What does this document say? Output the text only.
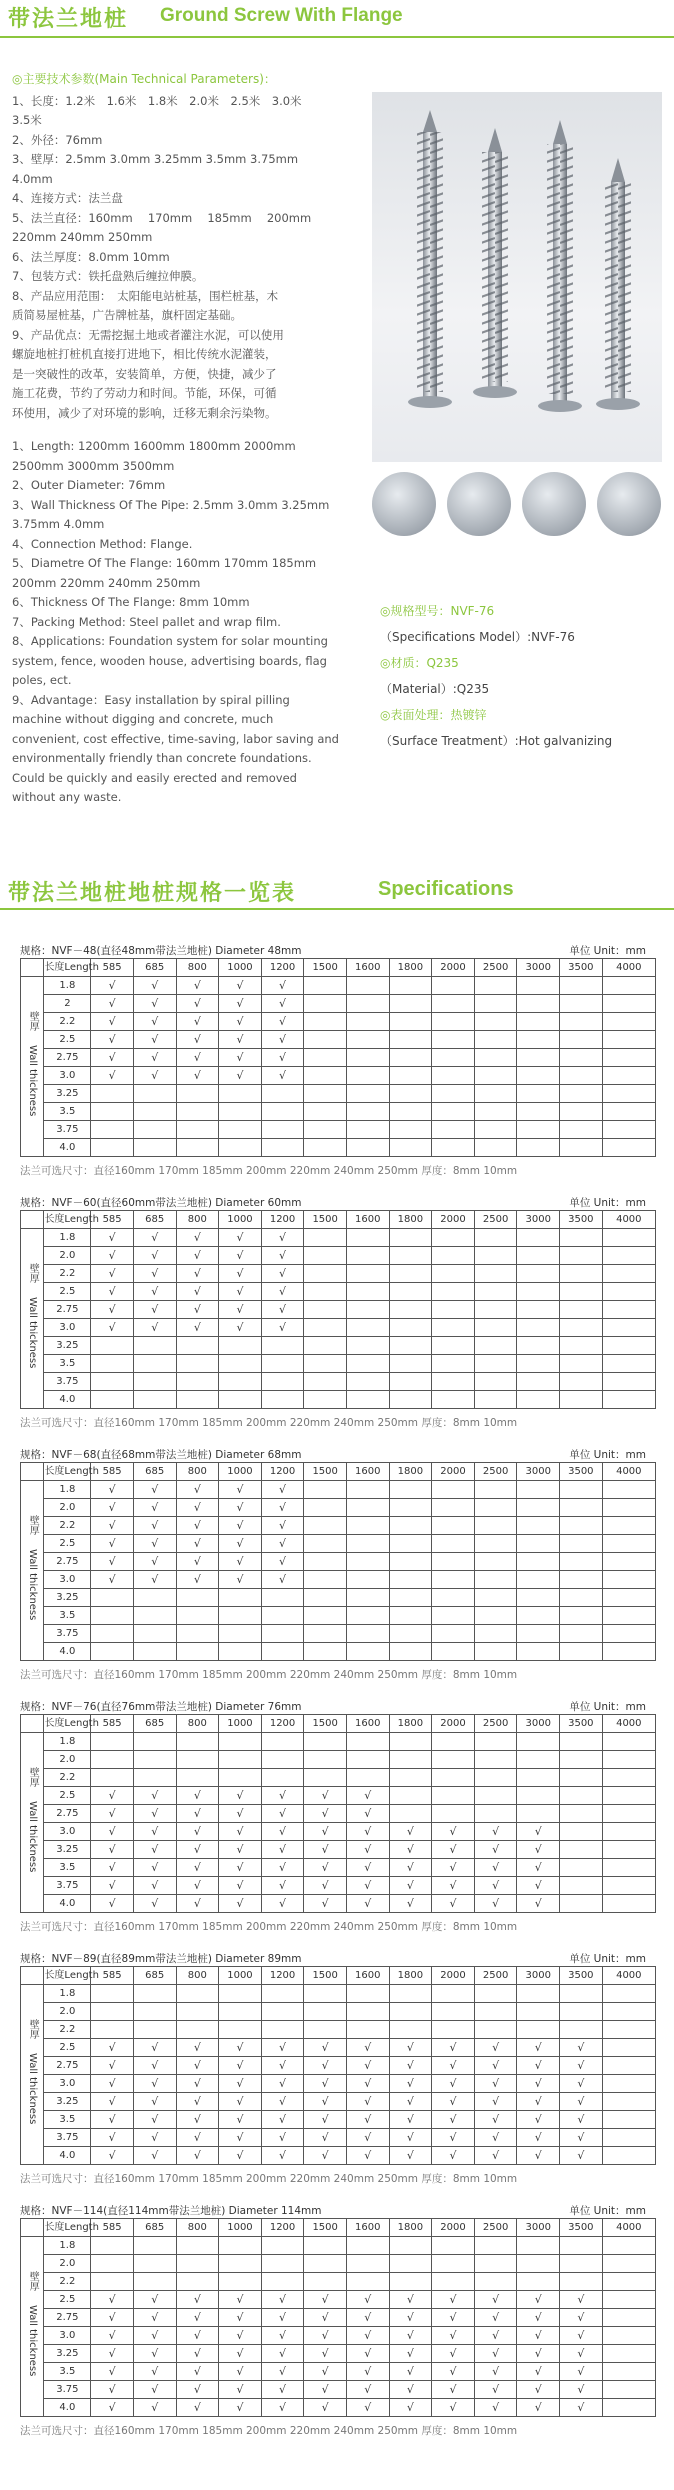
带法兰地桩 Ground Screw With Flange
◎主要技术参数(Main Technical Parameters)：
1、长度：1.2米　1.6米　1.8米　2.0米　2.5米　3.0米
3.5米
2、外径：76mm
3、壁厚：2.5mm 3.0mm 3.25mm 3.5mm 3.75mm
4.0mm
4、连接方式：法兰盘
5、法兰直径：160mm　 170mm　 185mm　 200mm
220mm 240mm 250mm
6、法兰厚度：8.0mm 10mm
7、包装方式：铁托盘熟后缠拉伸膜。
8、产品应用范围：　太阳能电站桩基，围栏桩基，木
质简易屋桩基，广告牌桩基，旗杆固定基础。
9、产品优点：无需挖掘土地或者灌注水泥，可以使用
螺旋地桩打桩机直接打进地下，相比传统水泥灌装，
是一突破性的改革，安装简单，方便，快捷，减少了
施工花费，节约了劳动力和时间。节能，环保，可循
环使用，减少了对环境的影响，迁移无剩余污染物。
1、Length: 1200mm 1600mm 1800mm 2000mm
2500mm 3000mm 3500mm
2、Outer Diameter: 76mm
3、Wall Thickness Of The Pipe: 2.5mm 3.0mm 3.25mm
3.75mm 4.0mm
4、Connection Method: Flange.
5、Diametre Of The Flange: 160mm 170mm 185mm
200mm 220mm 240mm 250mm
6、Thickness Of The Flange: 8mm 10mm
7、Packing Method: Steel pallet and wrap film.
8、Applications: Foundation system for solar mounting
system, fence, wooden house, advertising boards, flag
poles, ect.
9、Advantage：Easy installation by spiral pilling
machine without digging and concrete, much
convenient, cost effective, time-saving, labor saving and
environmentally friendly than concrete foundations.
Could be quickly and easily erected and removed
without any waste.
◎规格型号：NVF-76
（Specifications Model）:NVF-76
◎材质：Q235
（Material）:Q235
◎表面处理：热镀锌
（Surface Treatment）:Hot galvanizing
带法兰地桩地桩规格一览表	Specifications
规格：NVF－48(直径48mm带法兰地桩) Diameter 48mm	单位 Unit：mm
	长度Length	585	685	800	1000	1200	1500	1600	1800	2000	2500	3000	3500	4000
壁厚
Wall thickness	1.8	√	√	√	√	√								
	2	√	√	√	√	√								
	2.2	√	√	√	√	√								
	2.5	√	√	√	√	√								
	2.75	√	√	√	√	√								
	3.0	√	√	√	√	√								
	3.25													
	3.5													
	3.75													
	4.0													
法兰可选尺寸：直径160mm 170mm 185mm 200mm 220mm 240mm 250mm 厚度：8mm 10mm
规格：NVF－60(直径60mm带法兰地桩) Diameter 60mm	单位 Unit：mm
	长度Length	585	685	800	1000	1200	1500	1600	1800	2000	2500	3000	3500	4000
壁厚
Wall thickness	1.8	√	√	√	√	√								
	2.0	√	√	√	√	√								
	2.2	√	√	√	√	√								
	2.5	√	√	√	√	√								
	2.75	√	√	√	√	√								
	3.0	√	√	√	√	√								
	3.25													
	3.5													
	3.75													
	4.0													
法兰可选尺寸：直径160mm 170mm 185mm 200mm 220mm 240mm 250mm 厚度：8mm 10mm
规格：NVF－68(直径68mm带法兰地桩) Diameter 68mm	单位 Unit：mm
	长度Length	585	685	800	1000	1200	1500	1600	1800	2000	2500	3000	3500	4000
壁厚
Wall thickness	1.8	√	√	√	√	√								
	2.0	√	√	√	√	√								
	2.2	√	√	√	√	√								
	2.5	√	√	√	√	√								
	2.75	√	√	√	√	√								
	3.0	√	√	√	√	√								
	3.25													
	3.5													
	3.75													
	4.0													
法兰可选尺寸：直径160mm 170mm 185mm 200mm 220mm 240mm 250mm 厚度：8mm 10mm
规格：NVF－76(直径76mm带法兰地桩) Diameter 76mm	单位 Unit：mm
	长度Length	585	685	800	1000	1200	1500	1600	1800	2000	2500	3000	3500	4000
壁厚
Wall thickness	1.8													
	2.0													
	2.2													
	2.5	√	√	√	√	√	√	√						
	2.75	√	√	√	√	√	√	√						
	3.0	√	√	√	√	√	√	√	√	√	√	√		
	3.25	√	√	√	√	√	√	√	√	√	√	√		
	3.5	√	√	√	√	√	√	√	√	√	√	√		
	3.75	√	√	√	√	√	√	√	√	√	√	√		
	4.0	√	√	√	√	√	√	√	√	√	√	√		
法兰可选尺寸：直径160mm 170mm 185mm 200mm 220mm 240mm 250mm 厚度：8mm 10mm
规格：NVF－89(直径89mm带法兰地桩) Diameter 89mm	单位 Unit：mm
	长度Length	585	685	800	1000	1200	1500	1600	1800	2000	2500	3000	3500	4000
壁厚
Wall thickness	1.8													
	2.0													
	2.2													
	2.5	√	√	√	√	√	√	√	√	√	√	√	√	
	2.75	√	√	√	√	√	√	√	√	√	√	√	√	
	3.0	√	√	√	√	√	√	√	√	√	√	√	√	
	3.25	√	√	√	√	√	√	√	√	√	√	√	√	
	3.5	√	√	√	√	√	√	√	√	√	√	√	√	
	3.75	√	√	√	√	√	√	√	√	√	√	√	√	
	4.0	√	√	√	√	√	√	√	√	√	√	√	√	
法兰可选尺寸：直径160mm 170mm 185mm 200mm 220mm 240mm 250mm 厚度：8mm 10mm
规格：NVF－114(直径114mm带法兰地桩) Diameter 114mm	单位 Unit：mm
	长度Length	585	685	800	1000	1200	1500	1600	1800	2000	2500	3000	3500	4000
壁厚
Wall thickness	1.8													
	2.0													
	2.2													
	2.5	√	√	√	√	√	√	√	√	√	√	√	√	
	2.75	√	√	√	√	√	√	√	√	√	√	√	√	
	3.0	√	√	√	√	√	√	√	√	√	√	√	√	
	3.25	√	√	√	√	√	√	√	√	√	√	√	√	
	3.5	√	√	√	√	√	√	√	√	√	√	√	√	
	3.75	√	√	√	√	√	√	√	√	√	√	√	√	
	4.0	√	√	√	√	√	√	√	√	√	√	√	√	
法兰可选尺寸：直径160mm 170mm 185mm 200mm 220mm 240mm 250mm 厚度：8mm 10mm
